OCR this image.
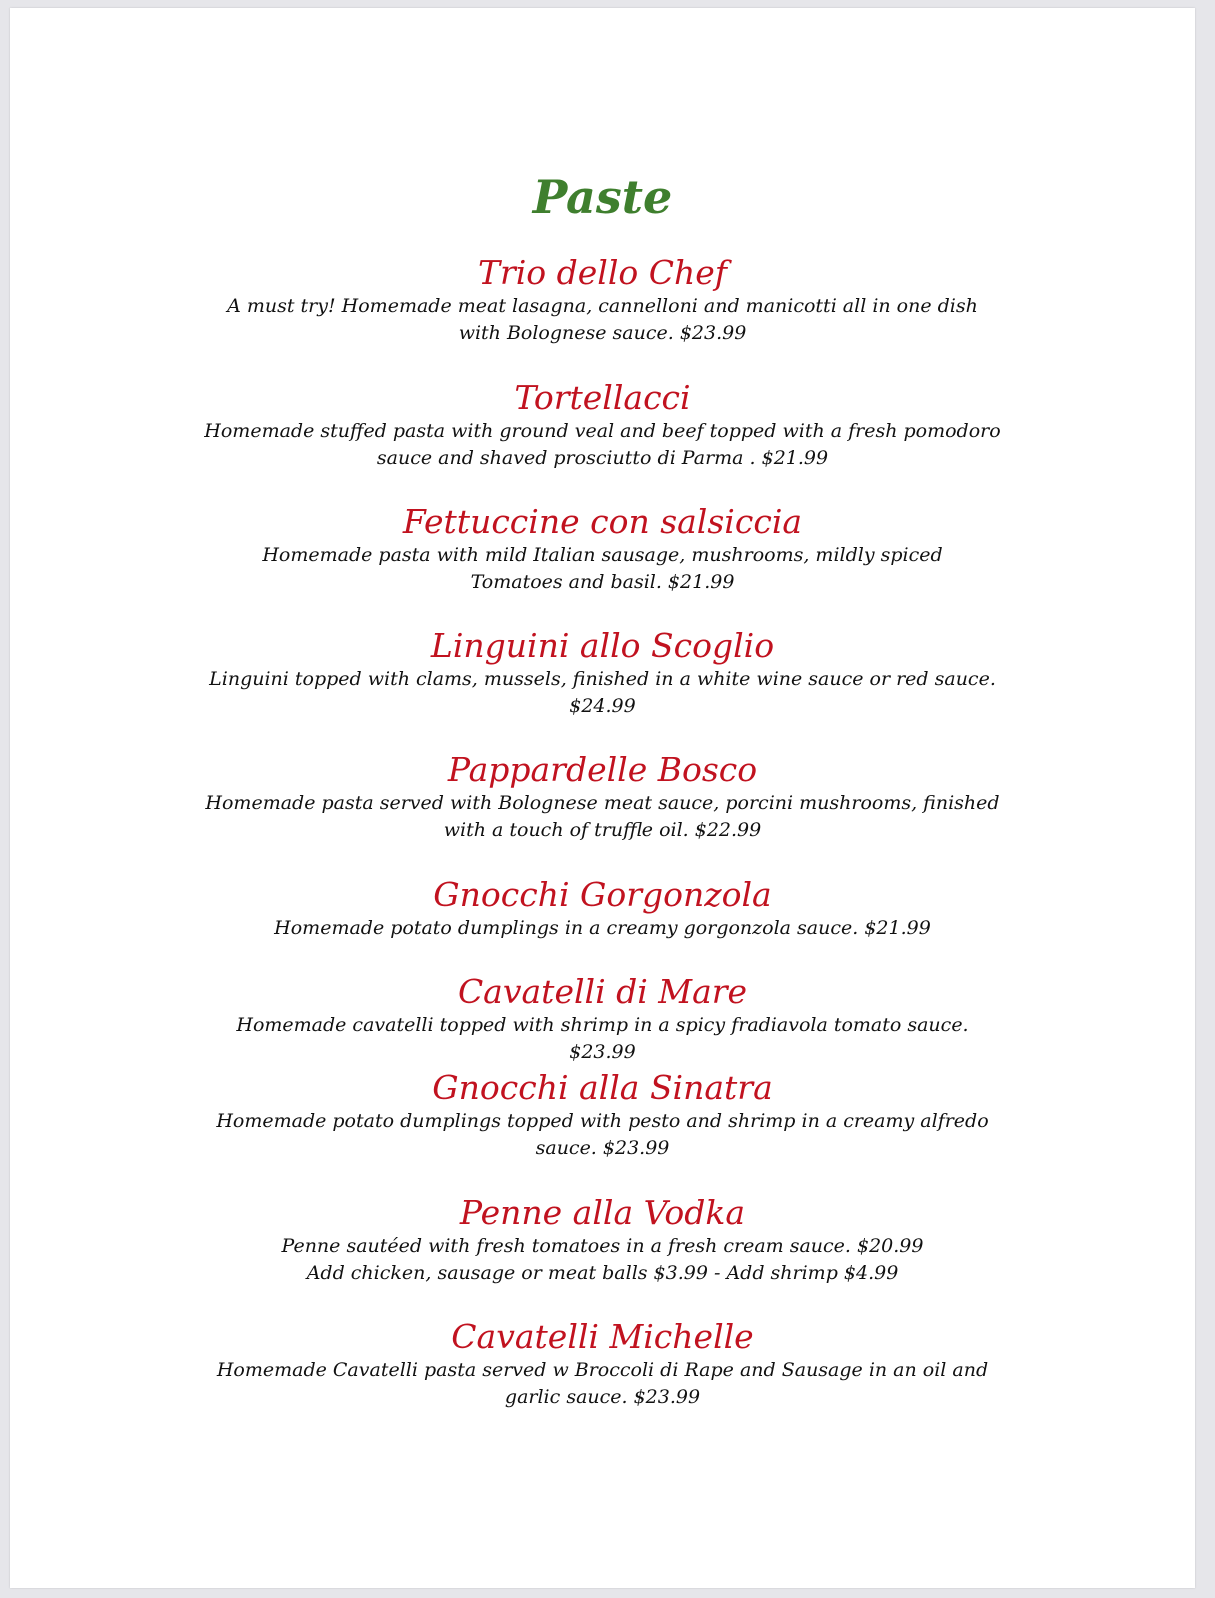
Paste
Trio dello Chef
A must try! Homemade meat lasagna, cannelloni and manicotti all in one dish
with Bolognese sauce. $23.99
Tortellacci
Homemade stuffed pasta with ground veal and beef topped with a fresh pomodoro
sauce and shaved prosciutto di Parma . $21.99
Fettuccine con salsiccia
Homemade pasta with mild Italian sausage, mushrooms, mildly spiced
Tomatoes and basil. $21.99
Linguini allo Scoglio
Linguini topped with clams, mussels, finished in a white wine sauce or red sauce.
$24.99
Pappardelle Bosco
Homemade pasta served with Bolognese meat sauce, porcini mushrooms, finished
with a touch of truffle oil. $22.99
Gnocchi Gorgonzola
Homemade potato dumplings in a creamy gorgonzola sauce. $21.99
Cavatelli di Mare
Homemade cavatelli topped with shrimp in a spicy fradiavola tomato sauce.
$23.99
Gnocchi alla Sinatra
Homemade potato dumplings topped with pesto and shrimp in a creamy alfredo
sauce. $23.99
Penne alla Vodka
Penne sautéed with fresh tomatoes in a fresh cream sauce. $20.99
Add chicken, sausage or meat balls $3.99 - Add shrimp $4.99
Cavatelli Michelle
Homemade Cavatelli pasta served w Broccoli di Rape and Sausage in an oil and
garlic sauce. $23.99
